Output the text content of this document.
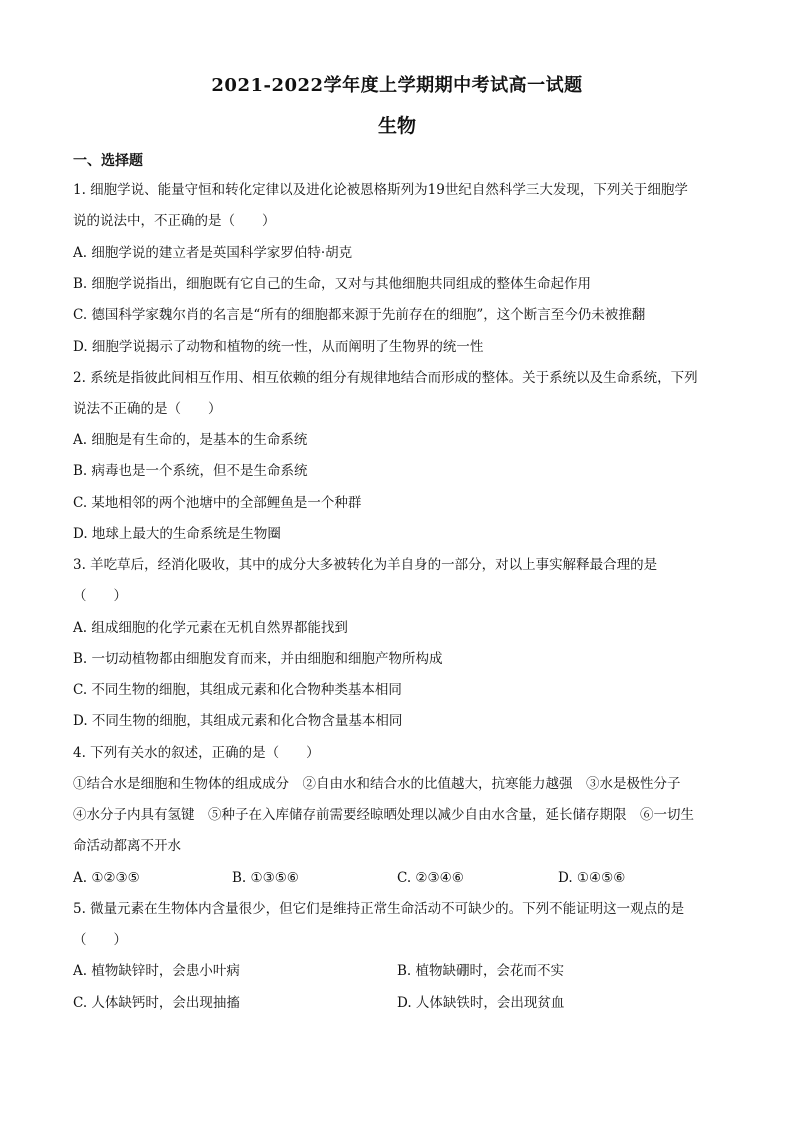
2021-2022学年度上学期期中考试高一试题
生物
一、选择题
1. 细胞学说、能量守恒和转化定律以及进化论被恩格斯列为19世纪自然科学三大发现，下列关于细胞学
说的说法中，不正确的是（　　）
A. 细胞学说的建立者是英国科学家罗伯特·胡克
B. 细胞学说指出，细胞既有它自己的生命，又对与其他细胞共同组成的整体生命起作用
C. 德国科学家魏尔肖的名言是“所有的细胞都来源于先前存在的细胞”，这个断言至今仍未被推翻
D. 细胞学说揭示了动物和植物的统一性，从而阐明了生物界的统一性
2. 系统是指彼此间相互作用、相互依赖的组分有规律地结合而形成的整体。关于系统以及生命系统，下列
说法不正确的是（　　）
A. 细胞是有生命的，是基本的生命系统
B. 病毒也是一个系统，但不是生命系统
C. 某地相邻的两个池塘中的全部鲤鱼是一个种群
D. 地球上最大的生命系统是生物圈
3. 羊吃草后，经消化吸收，其中的成分大多被转化为羊自身的一部分，对以上事实解释最合理的是
（　　）
A. 组成细胞的化学元素在无机自然界都能找到
B. 一切动植物都由细胞发育而来，并由细胞和细胞产物所构成
C. 不同生物的细胞，其组成元素和化合物种类基本相同
D. 不同生物的细胞，其组成元素和化合物含量基本相同
4. 下列有关水的叙述，正确的是（　　）
①结合水是细胞和生物体的组成成分　②自由水和结合水的比值越大，抗寒能力越强　③水是极性分子
④水分子内具有氢键　⑤种子在入库储存前需要经晾晒处理以减少自由水含量，延长储存期限　⑥一切生
命活动都离不开水
A. ①②③⑤	B. ①③⑤⑥	C. ②③④⑥	D. ①④⑤⑥
5. 微量元素在生物体内含量很少，但它们是维持正常生命活动不可缺少的。下列不能证明这一观点的是
（　　）
A. 植物缺锌时，会患小叶病	B. 植物缺硼时，会花而不实
C. 人体缺钙时，会出现抽搐	D. 人体缺铁时，会出现贫血
